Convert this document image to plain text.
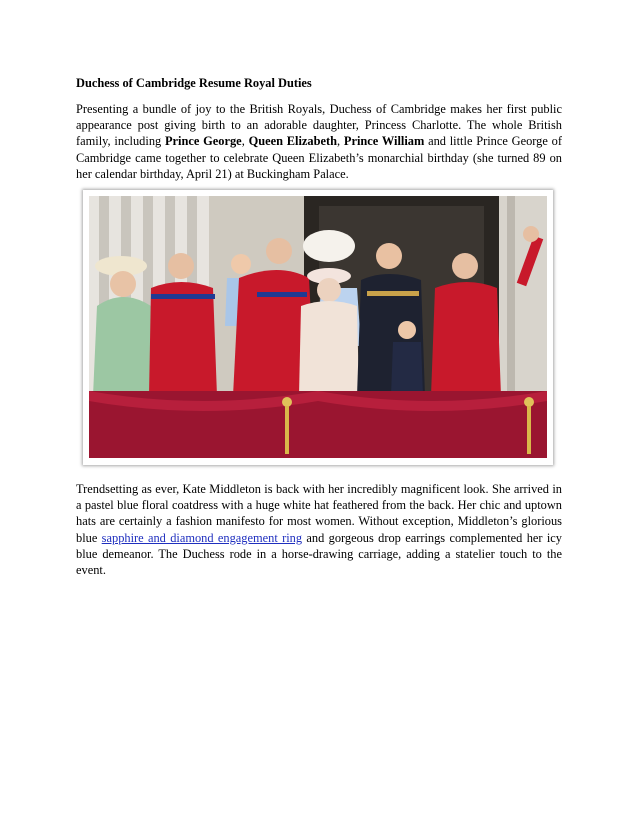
Duchess of Cambridge Resume Royal Duties

Presenting a bundle of joy to the British Royals, Duchess of Cambridge makes her first public appearance post giving birth to an adorable daughter, Princess Charlotte. The whole British family, including Prince George, Queen Elizabeth, Prince William and little Prince George of Cambridge came together to celebrate Queen Elizabeth’s monarchial birthday (she turned 89 on her calendar birthday, April 21) at Buckingham Palace.

Trendsetting as ever, Kate Middleton is back with her incredibly magnificent look. She arrived in a pastel blue floral coatdress with a huge white hat feathered from the back. Her chic and uptown hats are certainly a fashion manifesto for most women. Without exception, Middleton’s glorious blue sapphire and diamond engagement ring and gorgeous drop earrings complemented her icy blue demeanor. The Duchess rode in a horse-drawing carriage, adding a statelier touch to the event.
